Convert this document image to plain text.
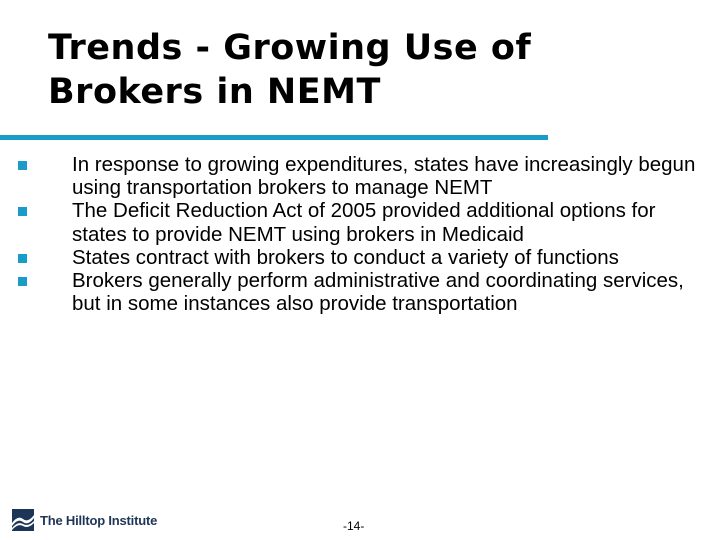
Trends - Growing Use of Brokers in NEMT
In response to growing expenditures, states have increasingly begun using transportation brokers to manage NEMT
The Deficit Reduction Act of 2005 provided additional options for states to provide NEMT using brokers in Medicaid
States contract with brokers to conduct a variety of functions
Brokers generally perform administrative and coordinating services, but in some instances also provide transportation
The Hilltop Institute	-14-
